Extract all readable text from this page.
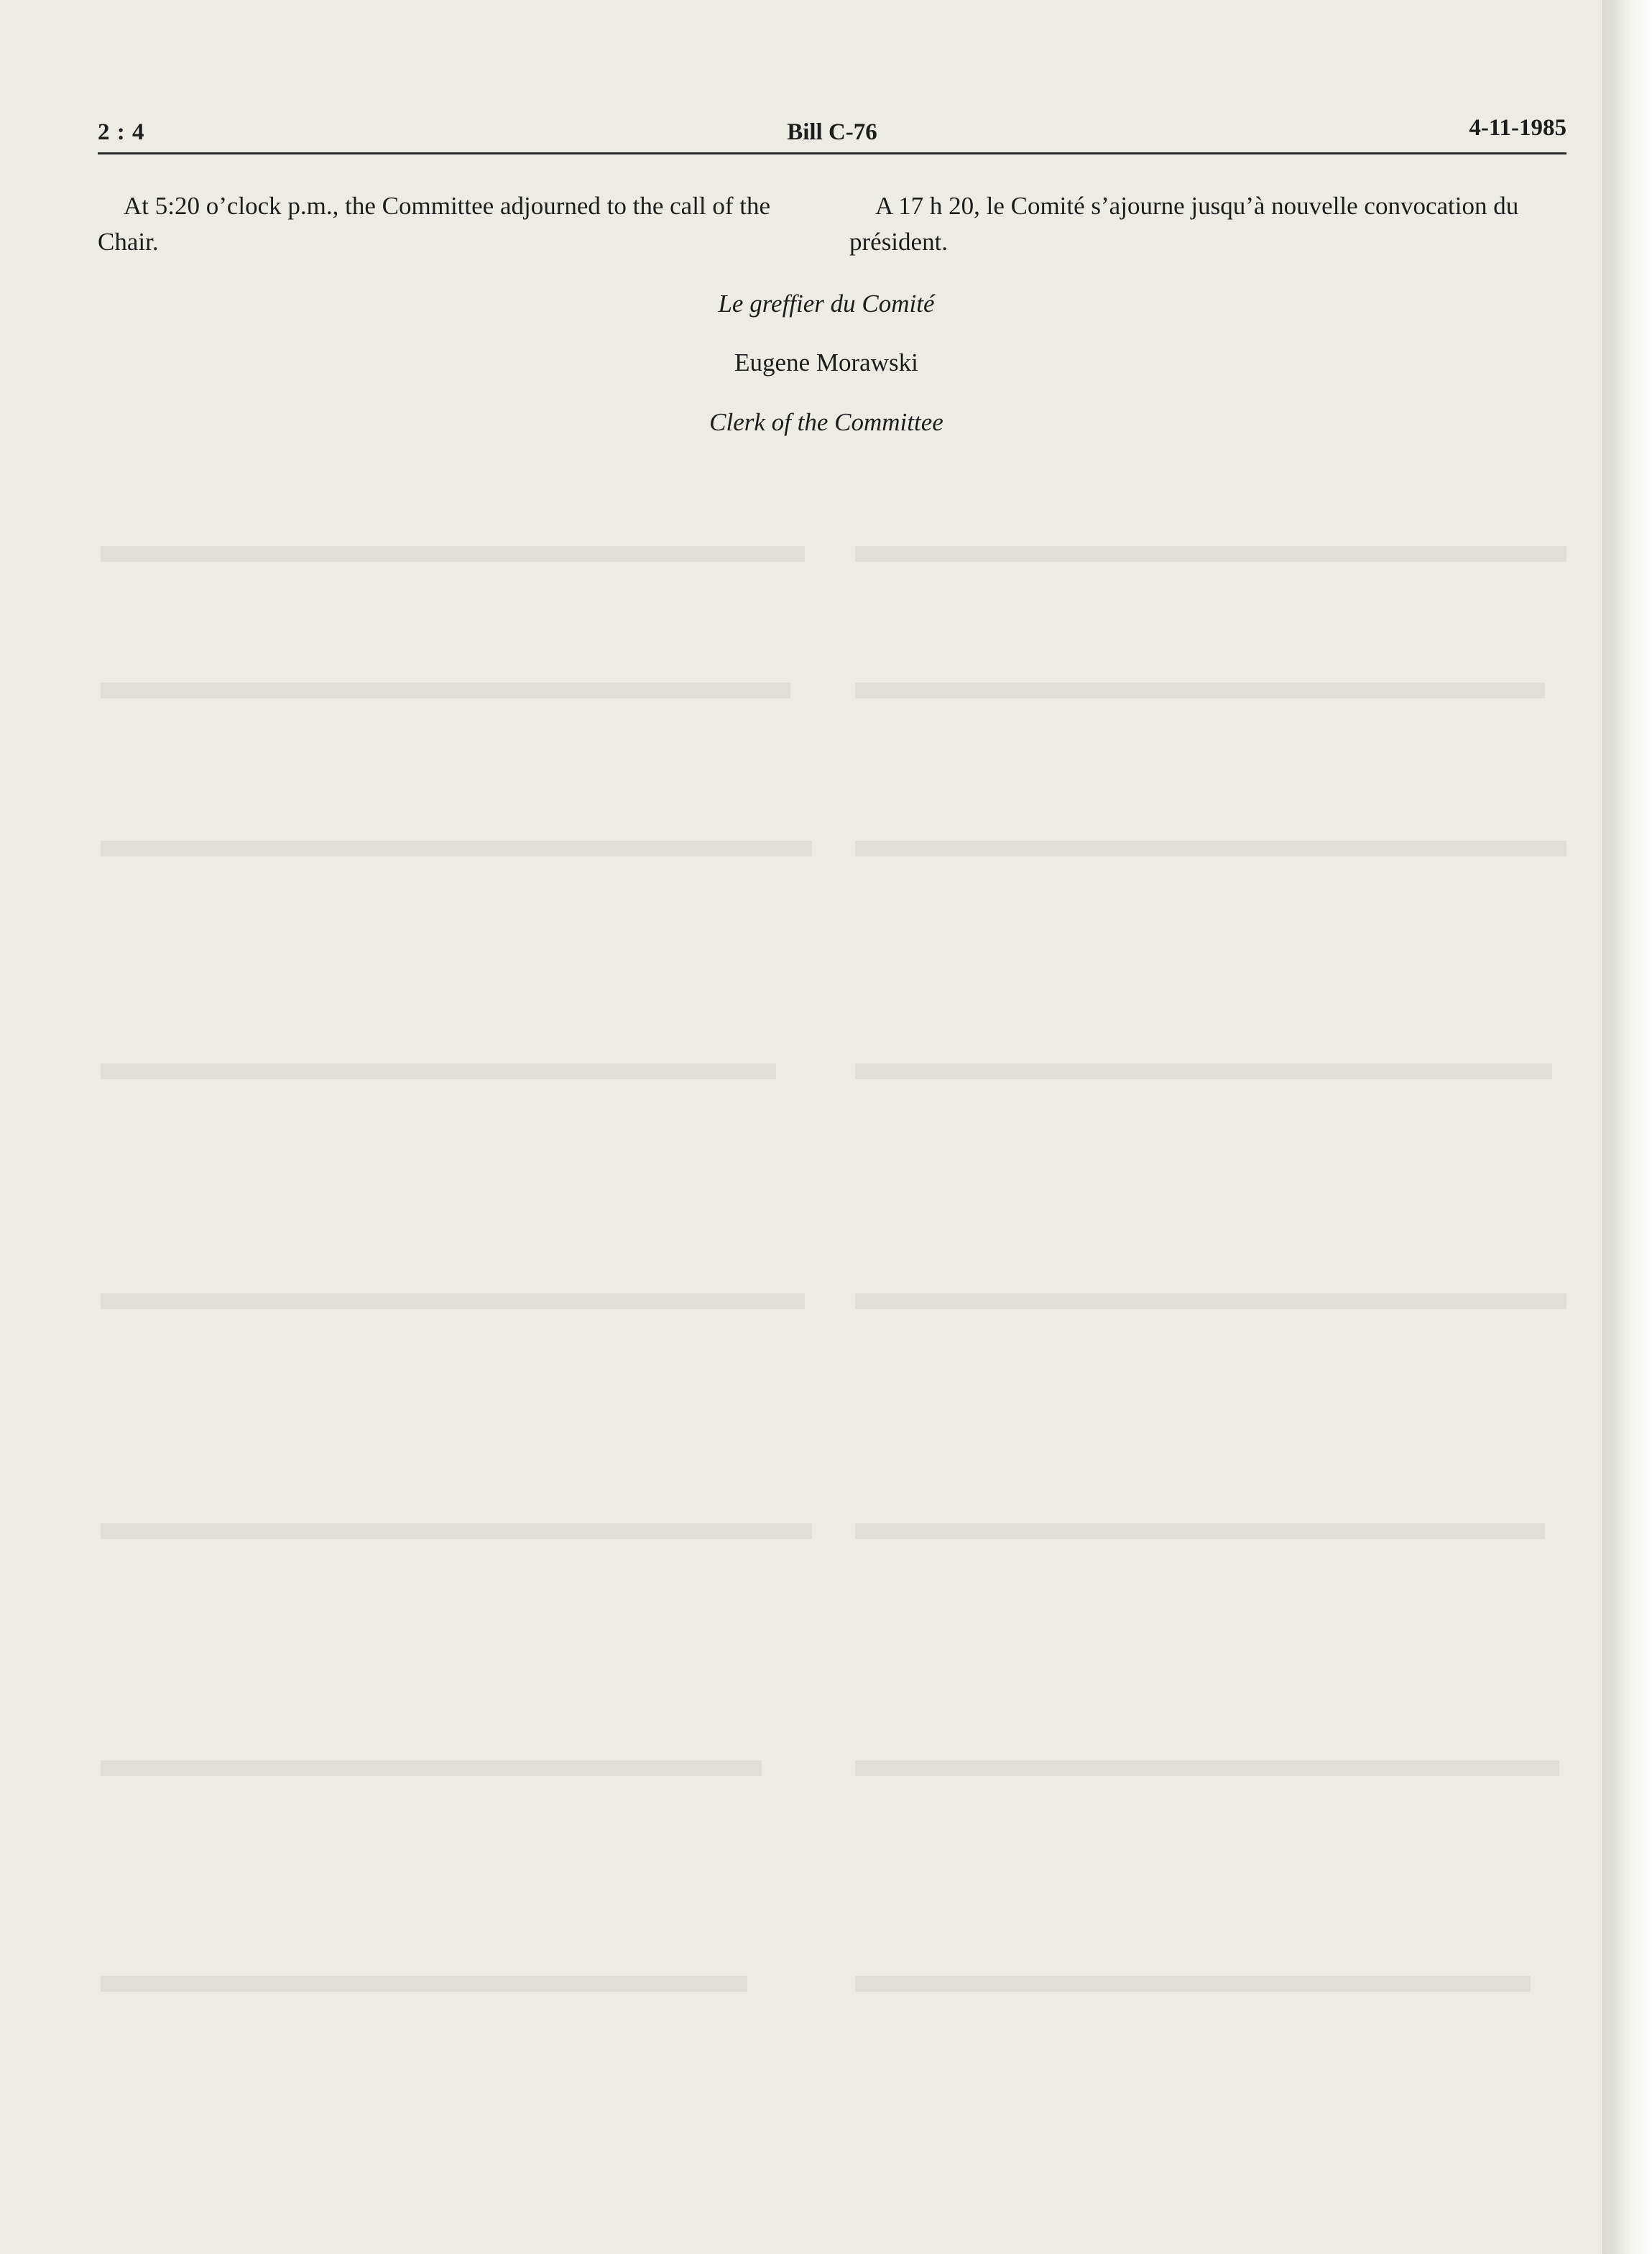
2 : 4	Bill C-76	4-11-1985

At 5:20 o’clock p.m., the Committee adjourned to the call of the Chair.

A 17 h 20, le Comité s’ajourne jusqu’à nouvelle convocation du président.

Le greffier du Comité
Eugene Morawski
Clerk of the Committee
